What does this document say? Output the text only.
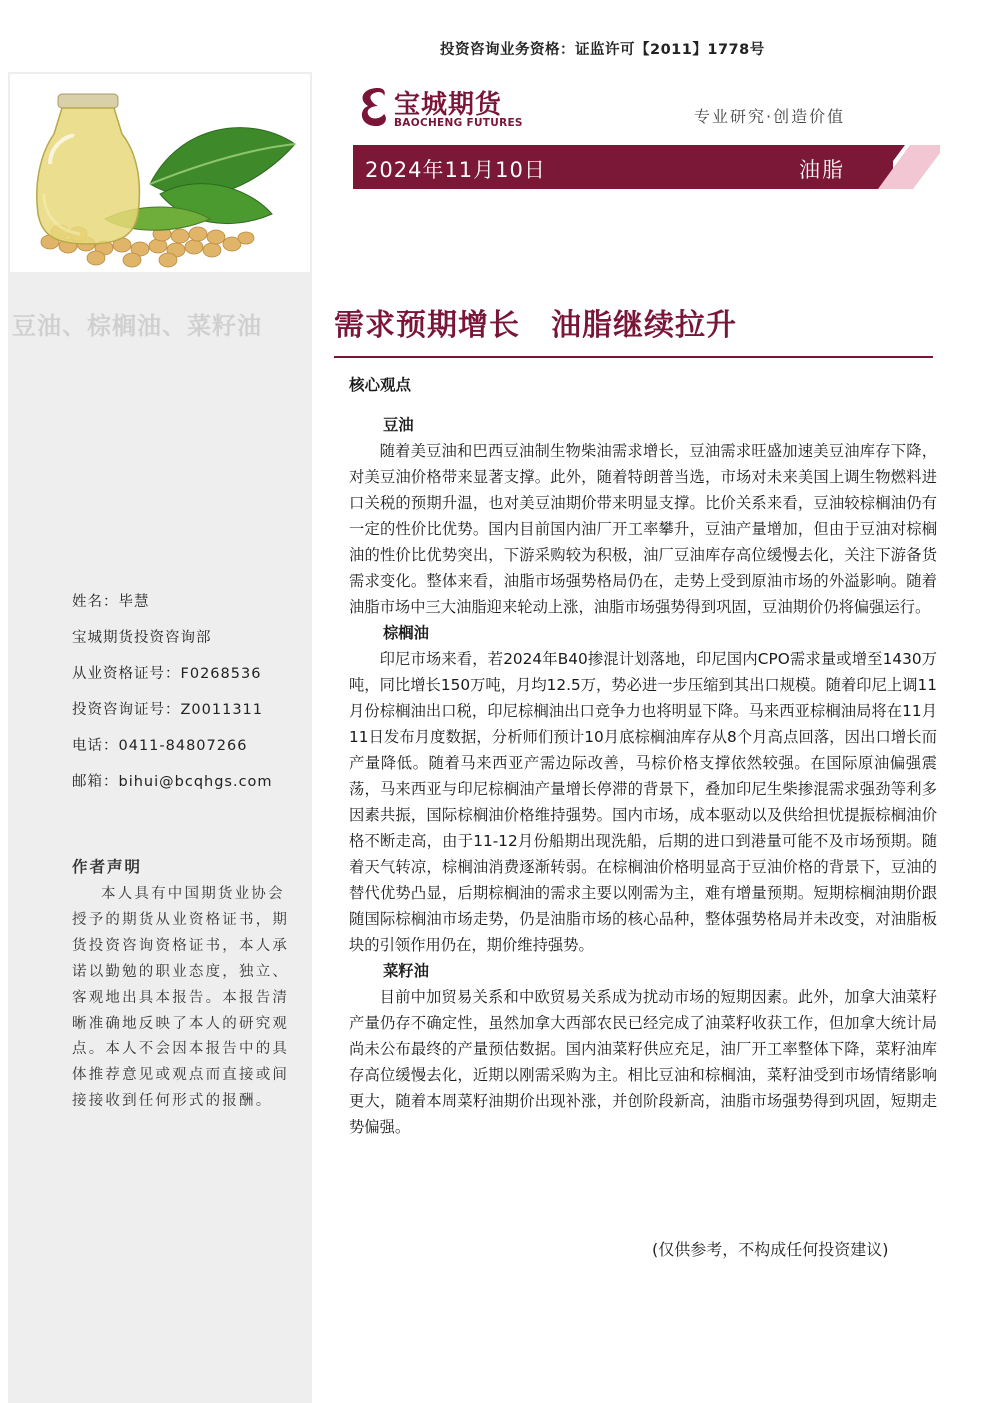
投资咨询业务资格：证监许可【2011】1778号
宝城期货
BAOCHENG FUTURES	专业研究·创造价值
2024年11月10日	油脂
豆油、棕榈油、菜籽油	需求预期增长　油脂继续拉升
核心观点
豆油

随着美豆油和巴西豆油制生物柴油需求增长，豆油需求旺盛加速美豆油库存下降，对美豆油价格带来显著支撑。此外，随着特朗普当选，市场对未来美国上调生物燃料进口关税的预期升温，也对美豆油期价带来明显支撑。比价关系来看，豆油较棕榈油仍有一定的性价比优势。国内目前国内油厂开工率攀升，豆油产量增加，但由于豆油对棕榈油的性价比优势突出，下游采购较为积极，油厂豆油库存高位缓慢去化，关注下游备货需求变化。整体来看，油脂市场强势格局仍在，走势上受到原油市场的外溢影响。随着油脂市场中三大油脂迎来轮动上涨，油脂市场强势得到巩固，豆油期价仍将偏强运行。

棕榈油

印尼市场来看，若2024年B40掺混计划落地，印尼国内CPO需求量或增至1430万吨，同比增长150万吨，月均12.5万，势必进一步压缩到其出口规模。随着印尼上调11月份棕榈油出口税，印尼棕榈油出口竞争力也将明显下降。马来西亚棕榈油局将在11月11日发布月度数据，分析师们预计10月底棕榈油库存从8个月高点回落，因出口增长而产量降低。随着马来西亚产需边际改善，马棕价格支撑依然较强。在国际原油偏强震荡，马来西亚与印尼棕榈油产量增长停滞的背景下，叠加印尼生柴掺混需求强劲等利多因素共振，国际棕榈油价格维持强势。国内市场，成本驱动以及供给担忧提振棕榈油价格不断走高，由于11-12月份船期出现洗船，后期的进口到港量可能不及市场预期。随着天气转凉，棕榈油消费逐渐转弱。在棕榈油价格明显高于豆油价格的背景下，豆油的替代优势凸显，后期棕榈油的需求主要以刚需为主，难有增量预期。短期棕榈油期价跟随国际棕榈油市场走势，仍是油脂市场的核心品种，整体强势格局并未改变，对油脂板块的引领作用仍在，期价维持强势。

菜籽油

目前中加贸易关系和中欧贸易关系成为扰动市场的短期因素。此外，加拿大油菜籽产量仍存不确定性，虽然加拿大西部农民已经完成了油菜籽收获工作，但加拿大统计局尚未公布最终的产量预估数据。国内油菜籽供应充足，油厂开工率整体下降，菜籽油库存高位缓慢去化，近期以刚需采购为主。相比豆油和棕榈油，菜籽油受到市场情绪影响更大，随着本周菜籽油期价出现补涨，并创阶段新高，油脂市场强势得到巩固，短期走势偏强。

(仅供参考，不构成任何投资建议)
姓名：毕慧
宝城期货投资咨询部
从业资格证号：F0268536
投资咨询证号：Z0011311
电话：0411-84807266
邮箱：bihui@bcqhgs.com
作者声明
本人具有中国期货业协会授予的期货从业资格证书，期货投资咨询资格证书，本人承诺以勤勉的职业态度，独立、客观地出具本报告。本报告清晰准确地反映了本人的研究观点。本人不会因本报告中的具体推荐意见或观点而直接或间接接收到任何形式的报酬。
